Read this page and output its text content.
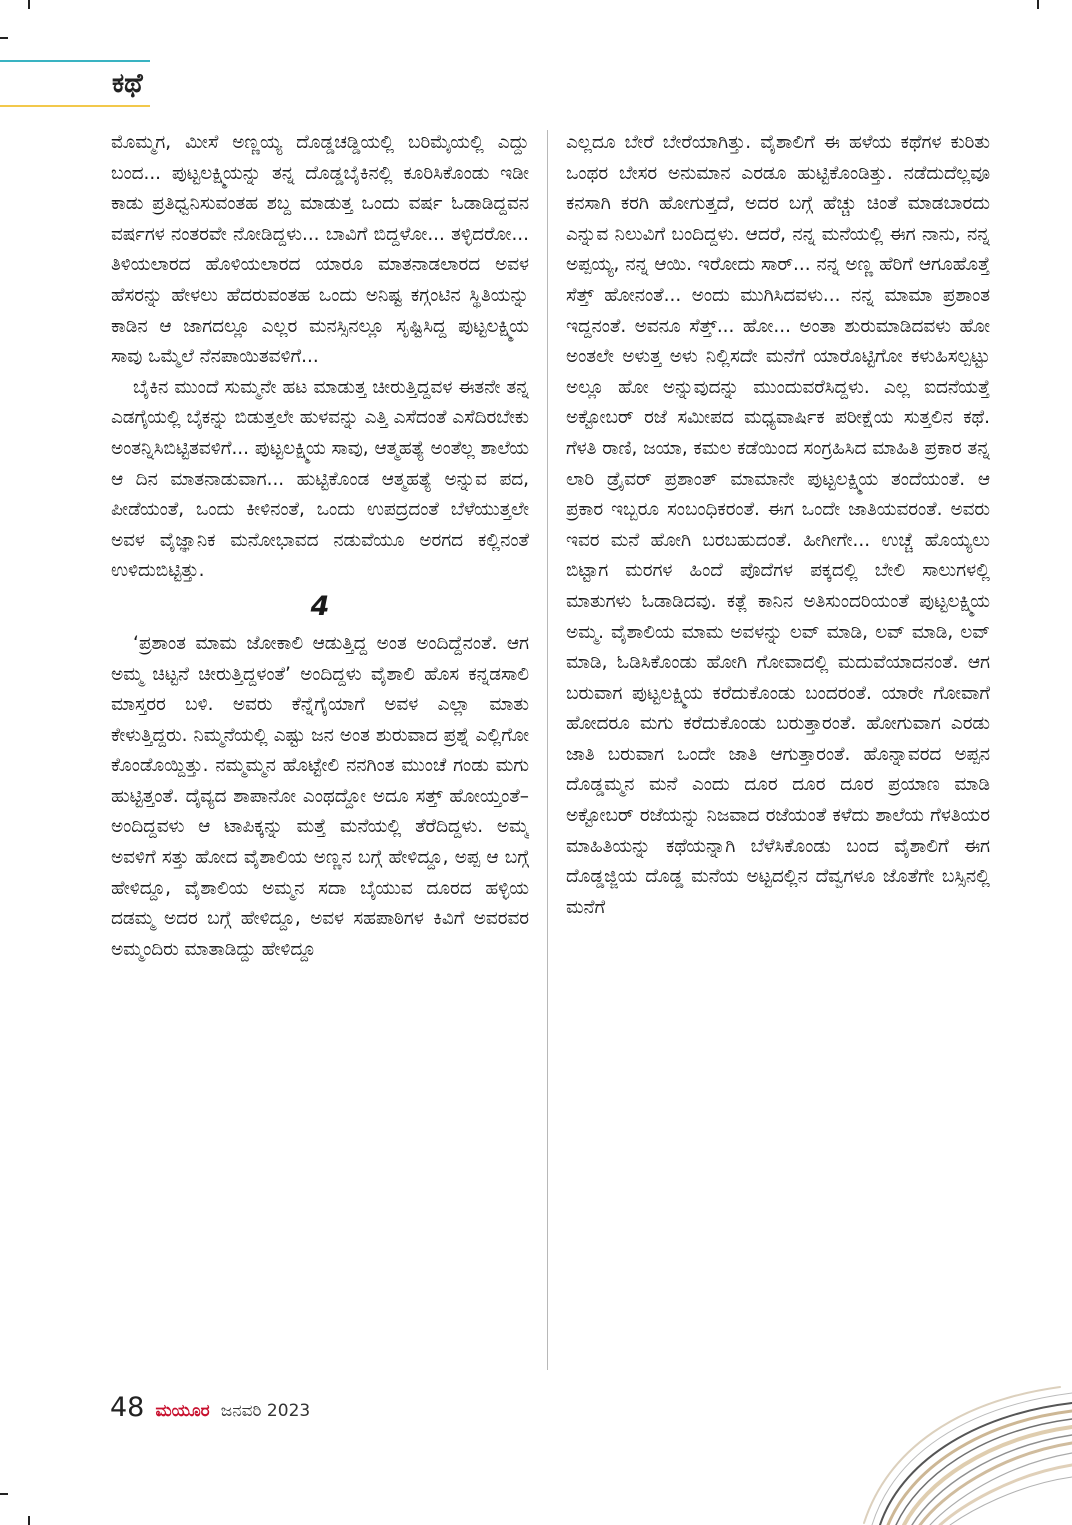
ಕಥೆ

ಮೊಮ್ಮಗ, ಮೀಸೆ ಅಣ್ಣಯ್ಯ ದೊಡ್ಡಚಡ್ಡಿಯಲ್ಲಿ ಬರಿಮೈಯಲ್ಲಿ ಎದ್ದು ಬಂದ... ಪುಟ್ಟಲಕ್ಷ್ಮಿಯನ್ನು ತನ್ನ ದೊಡ್ಡಬೈಕಿನಲ್ಲಿ ಕೂರಿಸಿಕೊಂಡು ಇಡೀ ಕಾಡು ಪ್ರತಿಧ್ವನಿಸುವಂತಹ ಶಬ್ದ ಮಾಡುತ್ತ ಒಂದು ವರ್ಷ ಓಡಾಡಿದ್ದವನ ವರ್ಷಗಳ ನಂತರವೇ ನೋಡಿದ್ದಳು... ಬಾವಿಗೆ ಬಿದ್ದಳೋ... ತಳ್ಳಿದರೋ... ತಿಳಿಯಲಾರದ ಹೊಳಿಯಲಾರದ ಯಾರೂ ಮಾತನಾಡಲಾರದ ಅವಳ ಹೆಸರನ್ನು ಹೇಳಲು ಹೆದರುವಂತಹ ಒಂದು ಅನಿಷ್ಟ ಕಗ್ಗಂಟಿನ ಸ್ಥಿತಿಯನ್ನು ಕಾಡಿನ ಆ ಜಾಗದಲ್ಲೂ ಎಲ್ಲರ ಮನಸ್ಸಿನಲ್ಲೂ ಸೃಷ್ಟಿಸಿದ್ದ ಪುಟ್ಟಲಕ್ಷ್ಮಿಯ ಸಾವು ಒಮ್ಮೆಲೆ ನೆನಪಾಯಿತವಳಿಗೆ...

ಬೈಕಿನ ಮುಂದೆ ಸುಮ್ಮನೇ ಹಟ ಮಾಡುತ್ತ ಚೀರುತ್ತಿದ್ದವಳ ಈತನೇ ತನ್ನ ಎಡಗೈಯಲ್ಲಿ ಬೈಕನ್ನು ಬಿಡುತ್ತಲೇ ಹುಳವನ್ನು ಎತ್ತಿ ಎಸೆದಂತೆ ಎಸೆದಿರಬೇಕು ಅಂತನ್ನಿಸಿಬಿಟ್ಟಿತವಳಿಗೆ... ಪುಟ್ಟಲಕ್ಷ್ಮಿಯ ಸಾವು, ಆತ್ಮಹತ್ಯೆ ಅಂತೆಲ್ಲ ಶಾಲೆಯ ಆ ದಿನ ಮಾತನಾಡುವಾಗ... ಹುಟ್ಟಿಕೊಂಡ ಆತ್ಮಹತ್ಯೆ ಅನ್ನುವ ಪದ, ಪೀಡೆಯಂತೆ, ಒಂದು ಕೀಳಿನಂತೆ, ಒಂದು ಉಪದ್ರದಂತೆ ಬೆಳೆಯುತ್ತಲೇ ಅವಳ ವೈಜ್ಞಾನಿಕ ಮನೋಭಾವದ ನಡುವೆಯೂ ಅರಗದ ಕಲ್ಲಿನಂತೆ ಉಳಿದುಬಿಟ್ಟಿತ್ತು.

4

‘ಪ್ರಶಾಂತ ಮಾಮ ಜೋಕಾಲಿ ಆಡುತ್ತಿದ್ದ ಅಂತ ಅಂದಿದ್ದೆನಂತೆ. ಆಗ ಅಮ್ಮ ಚಿಟ್ಟನೆ ಚೀರುತ್ತಿದ್ದಳಂತೆ’ ಅಂದಿದ್ದಳು ವೈಶಾಲಿ ಹೊಸ ಕನ್ನಡಸಾಲಿ ಮಾಸ್ತರರ ಬಳಿ. ಅವರು ಕೆನ್ನೆಗೈಯಾಗೆ ಅವಳ ಎಲ್ಲಾ ಮಾತು ಕೇಳುತ್ತಿದ್ದರು. ನಿಮ್ಮನೆಯಲ್ಲಿ ಎಷ್ಟು ಜನ ಅಂತ ಶುರುವಾದ ಪ್ರಶ್ನೆ ಎಲ್ಲಿಗೋ ಕೊಂಡೊಯ್ದಿತ್ತು. ನಮ್ಮಮ್ಮನ ಹೊಟ್ಟೇಲಿ ನನಗಿಂತ ಮುಂಚೆ ಗಂಡು ಮಗು ಹುಟ್ಟಿತ್ತಂತೆ. ದೈವ್ಯದ ಶಾಪಾನೋ ಎಂಥದ್ದೋ ಅದೂ ಸತ್ತ್ ಹೋಯ್ತಂತೆ– ಅಂದಿದ್ದವಳು ಆ ಟಾಪಿಕ್ಕನ್ನು ಮತ್ತೆ ಮನೆಯಲ್ಲಿ ತೆರೆದಿದ್ದಳು. ಅಮ್ಮ ಅವಳಿಗೆ ಸತ್ತು ಹೋದ ವೈಶಾಲಿಯ ಅಣ್ಣನ ಬಗ್ಗೆ ಹೇಳಿದ್ದೂ, ಅಪ್ಪ ಆ ಬಗ್ಗೆ ಹೇಳಿದ್ದೂ, ವೈಶಾಲಿಯ ಅಮ್ಮನ ಸದಾ ಬೈಯುವ ದೂರದ ಹಳ್ಳಿಯ ದಡಮ್ಮ ಅದರ ಬಗ್ಗೆ ಹೇಳಿದ್ದೂ, ಅವಳ ಸಹಪಾಠಿಗಳ ಕಿವಿಗೆ ಅವರವರ ಅಮ್ಮಂದಿರು ಮಾತಾಡಿದ್ದು ಹೇಳಿದ್ದೂ

ಎಲ್ಲದೂ ಬೇರೆ ಬೇರೆಯಾಗಿತ್ತು. ವೈಶಾಲಿಗೆ ಈ ಹಳೆಯ ಕಥೆಗಳ ಕುರಿತು ಒಂಥರ ಬೇಸರ ಅನುಮಾನ ಎರಡೂ ಹುಟ್ಟಿಕೊಂಡಿತ್ತು. ನಡೆದುದೆಲ್ಲವೂ ಕನಸಾಗಿ ಕರಗಿ ಹೋಗುತ್ತದೆ, ಅದರ ಬಗ್ಗೆ ಹೆಚ್ಚು ಚಿಂತೆ ಮಾಡಬಾರದು ಎನ್ನುವ ನಿಲುವಿಗೆ ಬಂದಿದ್ದಳು. ಆದರೆ, ನನ್ನ ಮನೆಯಲ್ಲಿ ಈಗ ನಾನು, ನನ್ನ ಅಪ್ಪಯ್ಯ, ನನ್ನ ಆಯಿ. ಇರೋದು ಸಾರ್... ನನ್ನ ಅಣ್ಣ ಹೆರಿಗೆ ಆಗೂಹೊತ್ತೆ ಸೆತ್ತ್ ಹೋನಂತೆ... ಅಂದು ಮುಗಿಸಿದವಳು... ನನ್ನ ಮಾಮಾ ಪ್ರಶಾಂತ ಇದ್ದನಂತೆ. ಅವನೂ ಸೆತ್ತ್... ಹೋ... ಅಂತಾ ಶುರುಮಾಡಿದವಳು ಹೋ ಅಂತಲೇ ಅಳುತ್ತ ಅಳು ನಿಲ್ಲಿಸದೇ ಮನೆಗೆ ಯಾರೊಟ್ಟಿಗೋ ಕಳುಹಿಸಲ್ಪಟ್ಟು ಅಲ್ಲೂ ಹೋ ಅನ್ನುವುದನ್ನು ಮುಂದುವರೆಸಿದ್ದಳು. ಎಲ್ಲ ಐದನೆಯತ್ತೆ ಅಕ್ಟೋಬರ್ ರಜೆ ಸಮೀಪದ ಮಧ್ಯವಾರ್ಷಿಕ ಪರೀಕ್ಷೆಯ ಸುತ್ತಲಿನ ಕಥೆ. ಗೆಳತಿ ರಾಣಿ, ಜಯಾ, ಕಮಲ ಕಡೆಯಿಂದ ಸಂಗ್ರಹಿಸಿದ ಮಾಹಿತಿ ಪ್ರಕಾರ ತನ್ನ ಲಾರಿ ಡ್ರೈವರ್ ಪ್ರಶಾಂತ್ ಮಾಮಾನೇ ಪುಟ್ಟಲಕ್ಷ್ಮಿಯ ತಂದೆಯಂತೆ. ಆ ಪ್ರಕಾರ ಇಬ್ಬರೂ ಸಂಬಂಧಿಕರಂತೆ. ಈಗ ಒಂದೇ ಜಾತಿಯವರಂತೆ. ಅವರು ಇವರ ಮನೆ ಹೋಗಿ ಬರಬಹುದಂತೆ. ಹೀಗೀಗೇ... ಉಚ್ಚೆ ಹೊಯ್ಯಲು ಬಿಟ್ಟಾಗ ಮರಗಳ ಹಿಂದೆ ಪೊದೆಗಳ ಪಕ್ಕದಲ್ಲಿ ಬೇಲಿ ಸಾಲುಗಳಲ್ಲಿ ಮಾತುಗಳು ಓಡಾಡಿದವು. ಕತ್ಲೆ ಕಾನಿನ ಅತಿಸುಂದರಿಯಂತೆ ಪುಟ್ಟಲಕ್ಷ್ಮಿಯ ಅಮ್ಮ. ವೈಶಾಲಿಯ ಮಾಮ ಅವಳನ್ನು ಲವ್ ಮಾಡಿ, ಲವ್ ಮಾಡಿ, ಲವ್ ಮಾಡಿ, ಓಡಿಸಿಕೊಂಡು ಹೋಗಿ ಗೋವಾದಲ್ಲಿ ಮದುವೆಯಾದನಂತೆ. ಆಗ ಬರುವಾಗ ಪುಟ್ಟಲಕ್ಷ್ಮಿಯ ಕರೆದುಕೊಂಡು ಬಂದರಂತೆ. ಯಾರೇ ಗೋವಾಗೆ ಹೋದರೂ ಮಗು ಕರೆದುಕೊಂಡು ಬರುತ್ತಾರಂತೆ. ಹೋಗುವಾಗ ಎರಡು ಜಾತಿ ಬರುವಾಗ ಒಂದೇ ಜಾತಿ ಆಗುತ್ತಾರಂತೆ. ಹೊನ್ನಾವರದ ಅಪ್ಪನ ದೊಡ್ಡಮ್ಮನ ಮನೆ ಎಂದು ದೂರ ದೂರ ದೂರ ಪ್ರಯಾಣ ಮಾಡಿ ಅಕ್ಟೋಬರ್ ರಜೆಯನ್ನು ನಿಜವಾದ ರಜೆಯಂತೆ ಕಳೆದು ಶಾಲೆಯ ಗೆಳತಿಯರ ಮಾಹಿತಿಯನ್ನು ಕಥೆಯನ್ನಾಗಿ ಬೆಳೆಸಿಕೊಂಡು ಬಂದ ವೈಶಾಲಿಗೆ ಈಗ ದೊಡ್ಡಜ್ಜಿಯ ದೊಡ್ಡ ಮನೆಯ ಅಟ್ಟದಲ್ಲಿನ ದೆವ್ವಗಳೂ ಜೊತೆಗೇ ಬಸ್ಸಿನಲ್ಲಿ ಮನೆಗೆ

48 ಮಯೂರ ಜನವರಿ 2023
